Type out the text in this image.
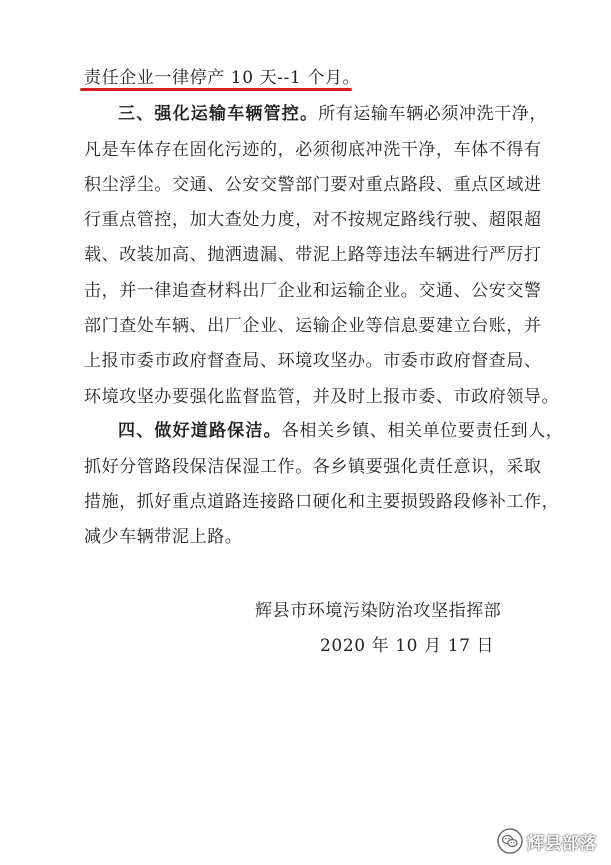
责任企业一律停产 10 天--1 个月。
三、强化运输车辆管控。所有运输车辆必须冲洗干净，
凡是车体存在固化污迹的，必须彻底冲洗干净，车体不得有
积尘浮尘。交通、公安交警部门要对重点路段、重点区域进
行重点管控，加大查处力度，对不按规定路线行驶、超限超
载、改装加高、抛洒遗漏、带泥上路等违法车辆进行严厉打
击，并一律追查材料出厂企业和运输企业。交通、公安交警
部门查处车辆、出厂企业、运输企业等信息要建立台账，并
上报市委市政府督查局、环境攻坚办。市委市政府督查局、
环境攻坚办要强化监督监管，并及时上报市委、市政府领导。
四、做好道路保洁。各相关乡镇、相关单位要责任到人，
抓好分管路段保洁保湿工作。各乡镇要强化责任意识，采取
措施，抓好重点道路连接路口硬化和主要损毁路段修补工作，
减少车辆带泥上路。
辉县市环境污染防治攻坚指挥部
2020 年 10 月 17 日
辉县部落
